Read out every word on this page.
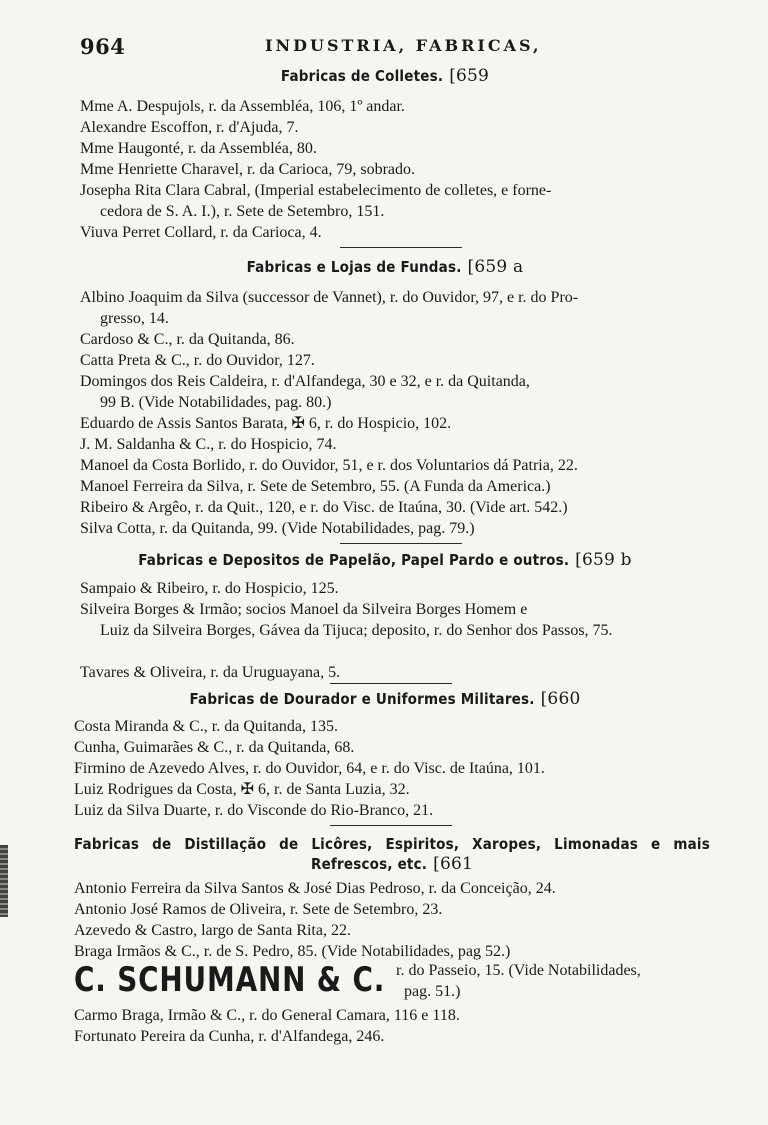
964	INDUSTRIA, FABRICAS,
Fabricas de Colletes. [659
Mme A. Despujols, r. da Assembléa, 106, 1º andar.
Alexandre Escoffon, r. d'Ajuda, 7.
Mme Haugonté, r. da Assembléa, 80.
Mme Henriette Charavel, r. da Carioca, 79, sobrado.
Josepha Rita Clara Cabral, (Imperial estabelecimento de colletes, e forne-
cedora de S. A. I.), r. Sete de Setembro, 151.
Viuva Perret Collard, r. da Carioca, 4.
Fabricas e Lojas de Fundas. [659 a
Albino Joaquim da Silva (successor de Vannet), r. do Ouvidor, 97, e r. do Pro-
gresso, 14.
Cardoso & C., r. da Quitanda, 86.
Catta Preta & C., r. do Ouvidor, 127.
Domingos dos Reis Caldeira, r. d'Alfandega, 30 e 32, e r. da Quitanda,
99 B. (Vide Notabilidades, pag. 80.)
Eduardo de Assis Santos Barata, ✠ 6, r. do Hospicio, 102.
J. M. Saldanha & C., r. do Hospicio, 74.
Manoel da Costa Borlido, r. do Ouvidor, 51, e r. dos Voluntarios dá Patria, 22.
Manoel Ferreira da Silva, r. Sete de Setembro, 55. (A Funda da America.)
Ribeiro & Argêo, r. da Quit., 120, e r. do Visc. de Itaúna, 30. (Vide art. 542.)
Silva Cotta, r. da Quitanda, 99. (Vide Notabilidades, pag. 79.)
Fabricas e Depositos de Papelão, Papel Pardo e outros. [659 b
Sampaio & Ribeiro, r. do Hospicio, 125.
Silveira Borges & Irmão; socios Manoel da Silveira Borges Homem e
Luiz da Silveira Borges, Gávea da Tijuca; deposito, r. do Senhor dos Passos, 75.
Tavares & Oliveira, r. da Uruguayana, 5.
Fabricas de Dourador e Uniformes Militares. [660
Costa Miranda & C., r. da Quitanda, 135.
Cunha, Guimarães & C., r. da Quitanda, 68.
Firmino de Azevedo Alves, r. do Ouvidor, 64, e r. do Visc. de Itaúna, 101.
Luiz Rodrigues da Costa, ✠ 6, r. de Santa Luzia, 32.
Luiz da Silva Duarte, r. do Visconde do Rio-Branco, 21.
Fabricas de Distillação de Licôres, Espiritos, Xaropes, Limonadas e mais Refrescos, etc. [661
Antonio Ferreira da Silva Santos & José Dias Pedroso, r. da Conceição, 24.
Antonio José Ramos de Oliveira, r. Sete de Setembro, 23.
Azevedo & Castro, largo de Santa Rita, 22.
Braga Irmãos & C., r. de S. Pedro, 85. (Vide Notabilidades, pag 52.)
C. SCHUMANN & C. r. do Passeio, 15. (Vide Notabilidades,
pag. 51.)
Carmo Braga, Irmão & C., r. do General Camara, 116 e 118.
Fortunato Pereira da Cunha, r. d'Alfandega, 246.
